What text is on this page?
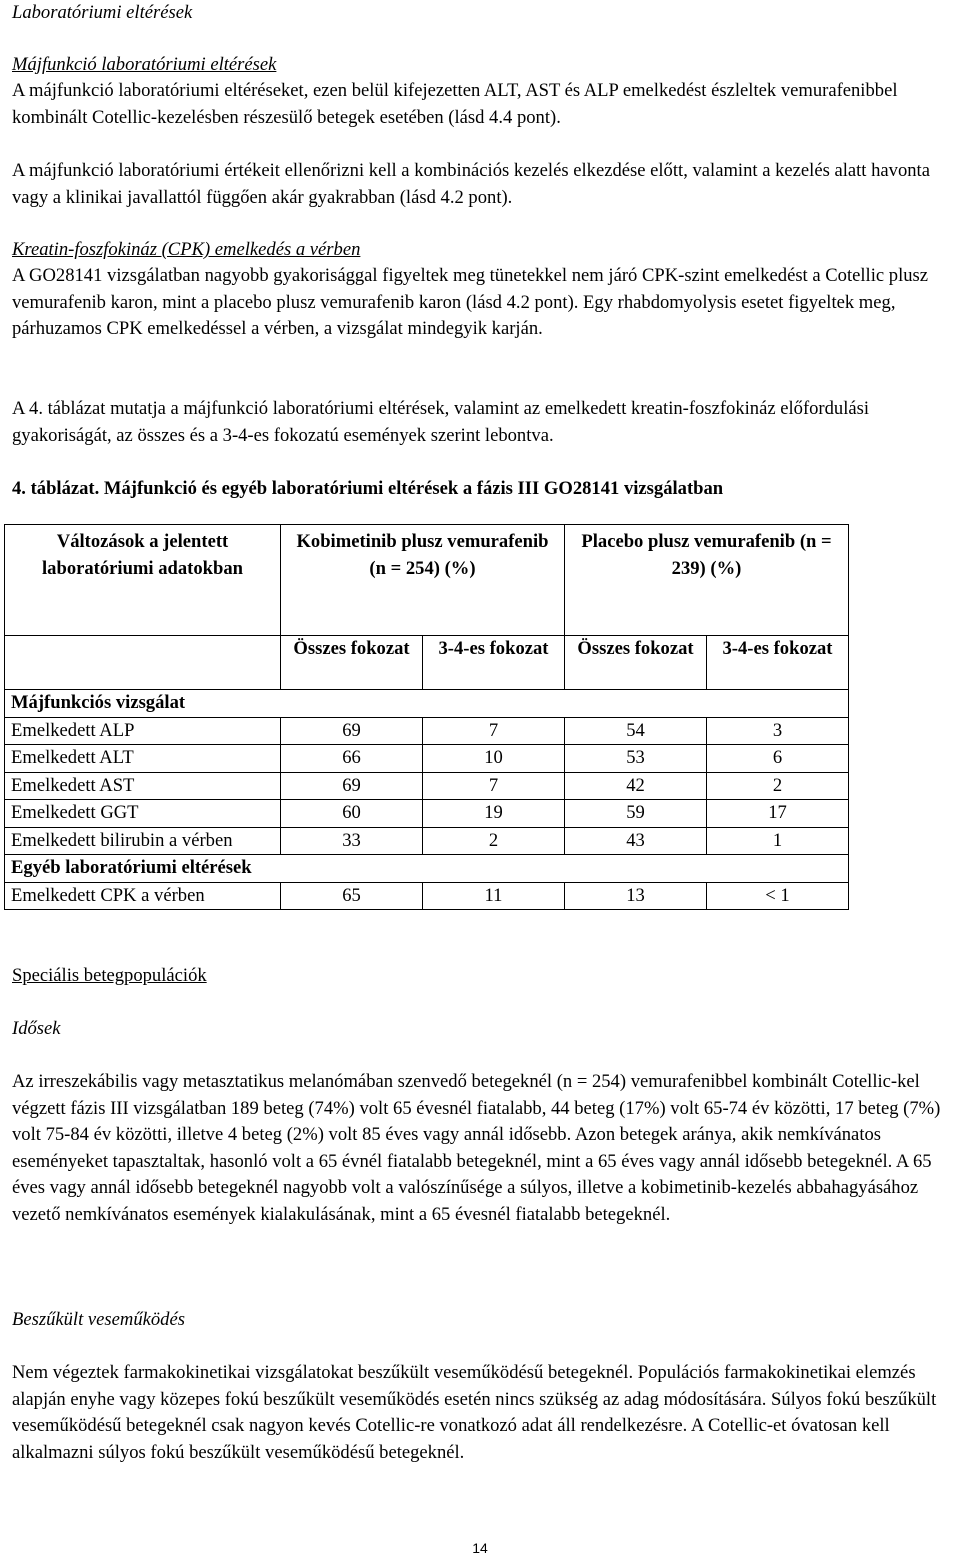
Laboratóriumi eltérések

Májfunkció laboratóriumi eltérések

A májfunkció laboratóriumi eltéréseket, ezen belül kifejezetten ALT, AST és ALP emelkedést észleltek vemurafenibbel kombinált Cotellic-kezelésben részesülő betegek esetében (lásd 4.4 pont).

A májfunkció laboratóriumi értékeit ellenőrizni kell a kombinációs kezelés elkezdése előtt, valamint a kezelés alatt havonta vagy a klinikai javallattól függően akár gyakrabban (lásd 4.2 pont).

Kreatin-foszfokináz (CPK) emelkedés a vérben

A GO28141 vizsgálatban nagyobb gyakorisággal figyeltek meg tünetekkel nem járó CPK-szint emelkedést a Cotellic plusz vemurafenib karon, mint a placebo plusz vemurafenib karon (lásd 4.2 pont). Egy rhabdomyolysis esetet figyeltek meg, párhuzamos CPK emelkedéssel a vérben, a vizsgálat mindegyik karján.

A 4. táblázat mutatja a májfunkció laboratóriumi eltérések, valamint az emelkedett kreatin-foszfokináz előfordulási gyakoriságát, az összes és a 3-4-es fokozatú események szerint lebontva.

4. táblázat. Májfunkció és egyéb laboratóriumi eltérések a fázis III GO28141 vizsgálatban
Változások a jelentett laboratóriumi adatokban	Kobimetinib plusz vemurafenib (n = 254) (%)		Placebo plusz vemurafenib (n = 239) (%)	
	Összes fokozat	3-4-es fokozat	Összes fokozat	3-4-es fokozat
Májfunkciós vizsgálat				
Emelkedett ALP	69	7	54	3
Emelkedett ALT	66	10	53	6
Emelkedett AST	69	7	42	2
Emelkedett GGT	60	19	59	17
Emelkedett bilirubin a vérben	33	2	43	1
Egyéb laboratóriumi eltérések				
Emelkedett CPK a vérben	65	11	13	< 1

Speciális betegpopulációk

Idősek

Az irreszekábilis vagy metasztatikus melanómában szenvedő betegeknél (n = 254) vemurafenibbel kombinált Cotellic-kel végzett fázis III vizsgálatban 189 beteg (74%) volt 65 évesnél fiatalabb, 44 beteg (17%) volt 65-74 év közötti, 17 beteg (7%) volt 75-84 év közötti, illetve 4 beteg (2%) volt 85 éves vagy annál idősebb. Azon betegek aránya, akik nemkívánatos eseményeket tapasztaltak, hasonló volt a 65 évnél fiatalabb betegeknél, mint a 65 éves vagy annál idősebb betegeknél. A 65 éves vagy annál idősebb betegeknél nagyobb volt a valószínűsége a súlyos, illetve a kobimetinib-kezelés abbahagyásához vezető nemkívánatos események kialakulásának, mint a 65 évesnél fiatalabb betegeknél.

Beszűkült veseműködés

Nem végeztek farmakokinetikai vizsgálatokat beszűkült veseműködésű betegeknél. Populációs farmakokinetikai elemzés alapján enyhe vagy közepes fokú beszűkült veseműködés esetén nincs szükség az adag módosítására. Súlyos fokú beszűkült veseműködésű betegeknél csak nagyon kevés Cotellic-re vonatkozó adat áll rendelkezésre. A Cotellic-et óvatosan kell alkalmazni súlyos fokú beszűkült veseműködésű betegeknél.

14
